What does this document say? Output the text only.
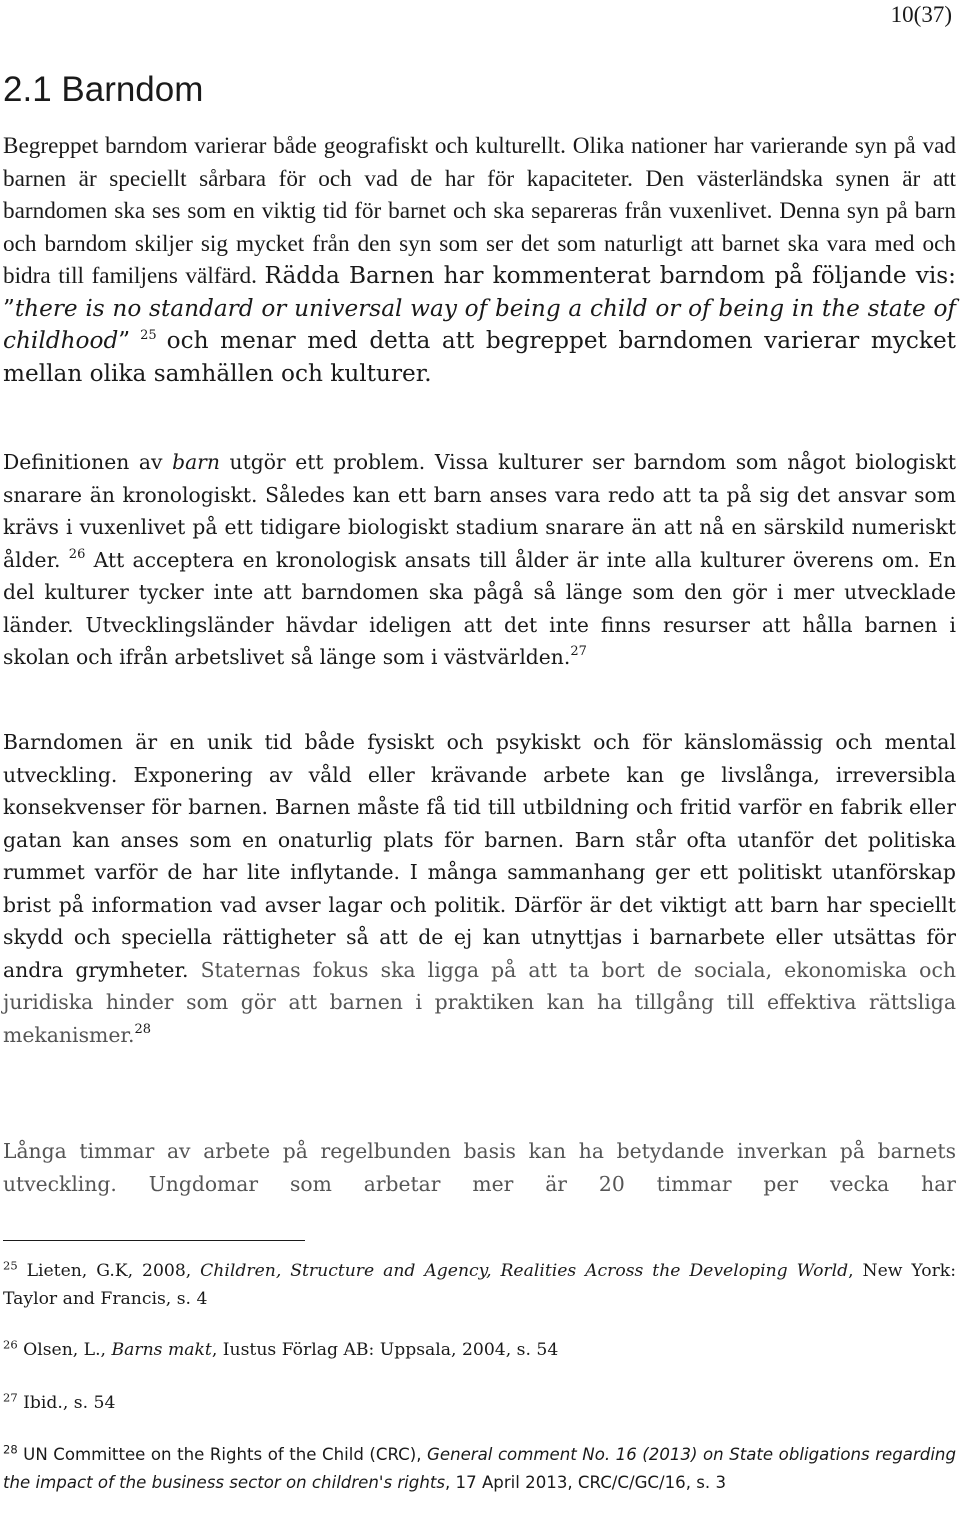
10(37)
2.1 Barndom

Begreppet barndom varierar både geografiskt och kulturellt. Olika nationer har varierande syn på vad barnen är speciellt sårbara för och vad de har för kapaciteter. Den västerländska synen är att barndomen ska ses som en viktig tid för barnet och ska separeras från vuxenlivet. Denna syn på barn och barndom skiljer sig mycket från den syn som ser det som naturligt att barnet ska vara med och bidra till familjens välfärd. Rädda Barnen har kommenterat barndom på följande vis: ”there is no standard or universal way of being a child or of being in the state of childhood” $^{25}$ och menar med detta att begreppet barndomen varierar mycket mellan olika samhällen och kulturer.

Definitionen av barn utgör ett problem. Vissa kulturer ser barndom som något biologiskt snarare än kronologiskt. Således kan ett barn anses vara redo att ta på sig det ansvar som krävs i vuxenlivet på ett tidigare biologiskt stadium snarare än att nå en särskild numeriskt ålder. $^{26}$ Att acceptera en kronologisk ansats till ålder är inte alla kulturer överens om. En del kulturer tycker inte att barndomen ska pågå så länge som den gör i mer utvecklade länder. Utvecklingsländer hävdar ideligen att det inte finns resurser att hålla barnen i skolan och ifrån arbetslivet så länge som i västvärlden.$^{27}$

Barndomen är en unik tid både fysiskt och psykiskt och för känslomässig och mental utveckling. Exponering av våld eller krävande arbete kan ge livslånga, irreversibla konsekvenser för barnen. Barnen måste få tid till utbildning och fritid varför en fabrik eller gatan kan anses som en onaturlig plats för barnen. Barn står ofta utanför det politiska rummet varför de har lite inflytande. I många sammanhang ger ett politiskt utanförskap brist på information vad avser lagar och politik. Därför är det viktigt att barn har speciellt skydd och speciella rättigheter så att de ej kan utnyttjas i barnarbete eller utsättas för andra grymheter. Staternas fokus ska ligga på att ta bort de sociala, ekonomiska och juridiska hinder som gör att barnen i praktiken kan ha tillgång till effektiva rättsliga mekanismer.$^{28}$

Långa timmar av arbete på regelbunden basis kan ha betydande inverkan på barnets utveckling. Ungdomar som arbetar mer är 20 timmar per vecka har

$^{25}$ Lieten, G.K, 2008, Children, Structure and Agency, Realities Across the Developing World, New York: Taylor and Francis, s. 4

$^{26}$ Olsen, L., Barns makt, Iustus Förlag AB: Uppsala, 2004, s. 54

$^{27}$ Ibid., s. 54

$^{28}$ UN Committee on the Rights of the Child (CRC), General comment No. 16 (2013) on State obligations regarding the impact of the business sector on children's rights, 17 April 2013, CRC/C/GC/16, s. 3
